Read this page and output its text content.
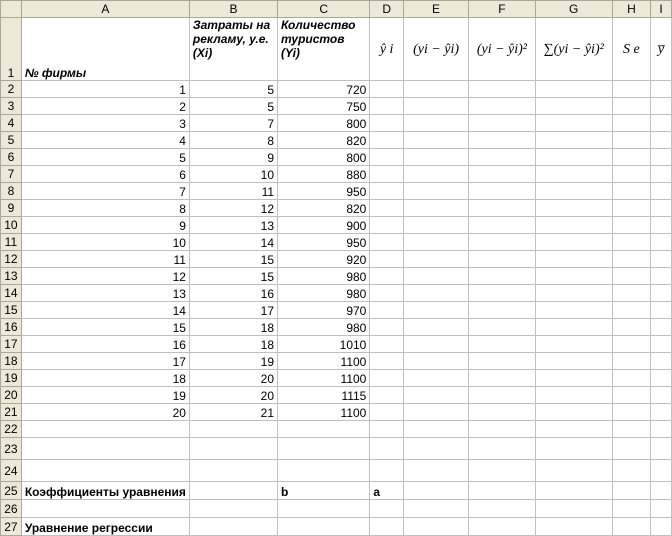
	A	B	C	D	E	F	G	H	I
1	№ фирмы	Затраты на рекламу, у.е. (Xi)	Количество туристов (Yi)	ŷ i	(yi − ŷi)	(yi − ŷi)²	∑(yi − ŷi)²	S e	y̅
2	1	5	720						
3	2	5	750						
4	3	7	800						
5	4	8	820						
6	5	9	800						
7	6	10	880						
8	7	11	950						
9	8	12	820						
10	9	13	900						
11	10	14	950						
12	11	15	920						
13	12	15	980						
14	13	16	980						
15	14	17	970						
16	15	18	980						
17	16	18	1010						
18	17	19	1100						
19	18	20	1100						
20	19	20	1115						
21	20	21	1100						
22									
23									
24									
25	Коэффициенты уравнения		b	a					
26									
27	Уравнение регрессии								
